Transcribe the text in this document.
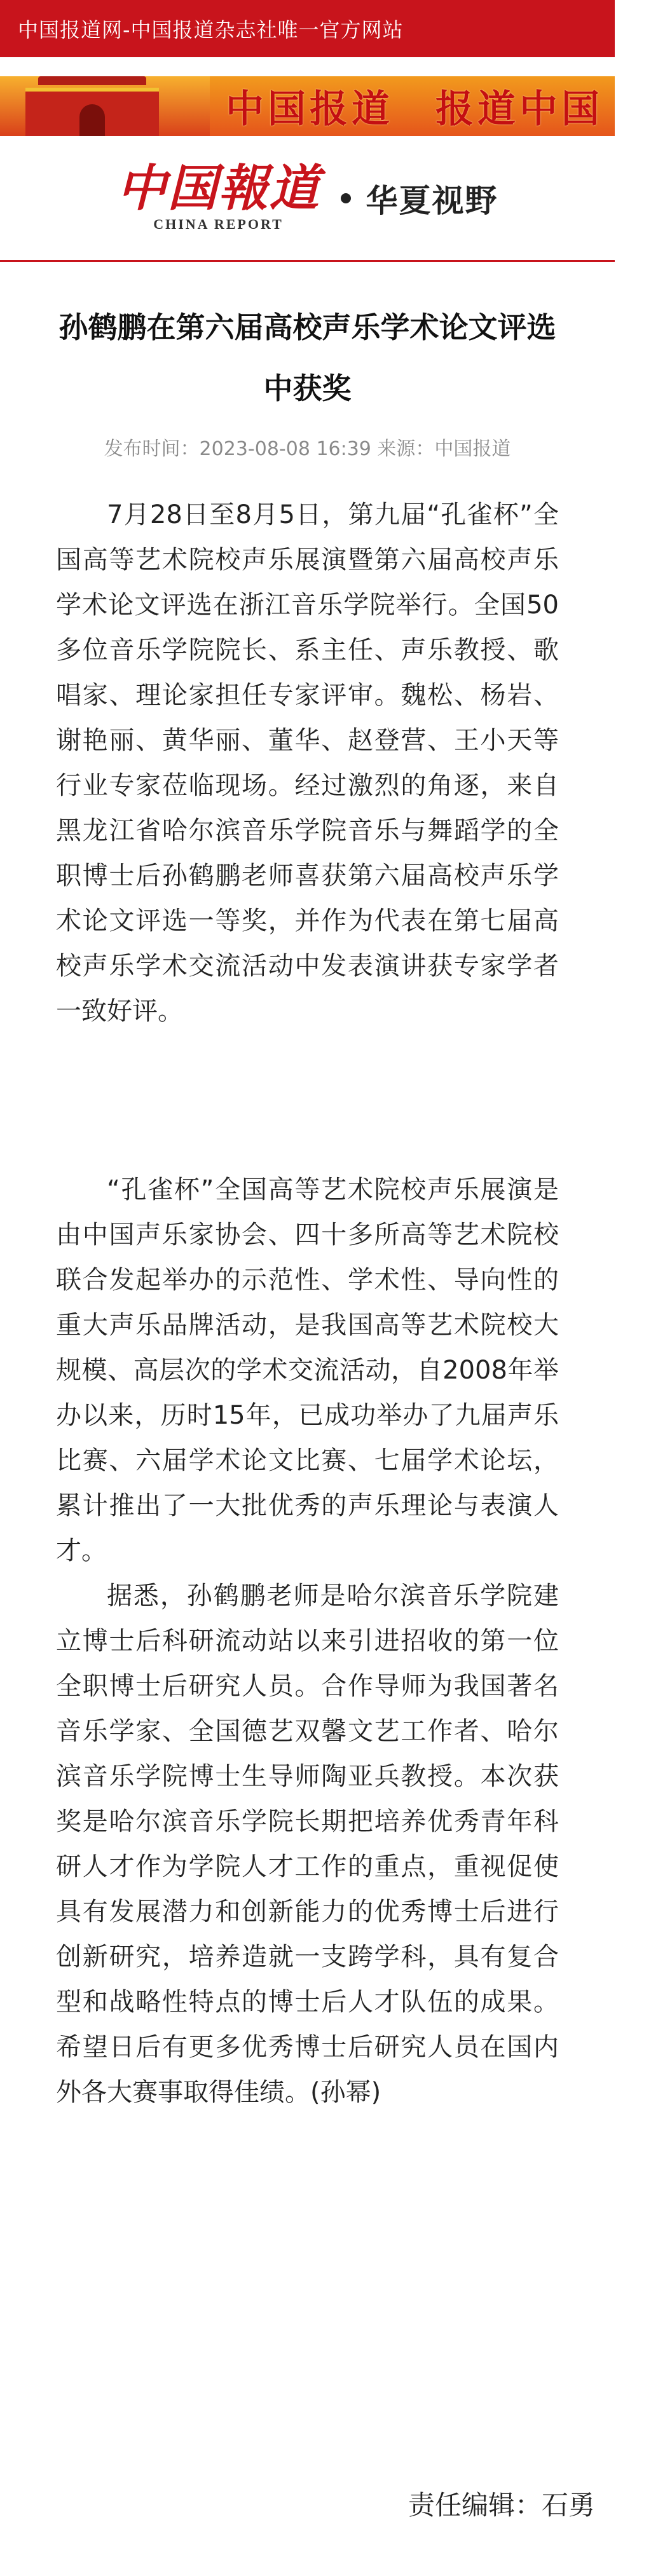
中国报道网-中国报道杂志社唯一官方网站
中国报道　报道中国
中国報道
CHINA REPORT
华夏视野
孙鹤鹏在第六届高校声乐学术论文评选中获奖
发布时间：2023-08-08 16:39 来源：中国报道

7月28日至8月5日，第九届“孔雀杯”全国高等艺术院校声乐展演暨第六届高校声乐学术论文评选在浙江音乐学院举行。全国50多位音乐学院院长、系主任、声乐教授、歌唱家、理论家担任专家评审。魏松、杨岩、谢艳丽、黄华丽、董华、赵登营、王小天等行业专家莅临现场。经过激烈的角逐，来自黑龙江省哈尔滨音乐学院音乐与舞蹈学的全职博士后孙鹤鹏老师喜获第六届高校声乐学术论文评选一等奖，并作为代表在第七届高校声乐学术交流活动中发表演讲获专家学者一致好评。

“孔雀杯”全国高等艺术院校声乐展演是由中国声乐家协会、四十多所高等艺术院校联合发起举办的示范性、学术性、导向性的重大声乐品牌活动，是我国高等艺术院校大规模、高层次的学术交流活动，自2008年举办以来，历时15年，已成功举办了九届声乐比赛、六届学术论文比赛、七届学术论坛，累计推出了一大批优秀的声乐理论与表演人才。

据悉，孙鹤鹏老师是哈尔滨音乐学院建立博士后科研流动站以来引进招收的第一位全职博士后研究人员。合作导师为我国著名音乐学家、全国德艺双馨文艺工作者、哈尔滨音乐学院博士生导师陶亚兵教授。本次获奖是哈尔滨音乐学院长期把培养优秀青年科研人才作为学院人才工作的重点，重视促使具有发展潜力和创新能力的优秀博士后进行创新研究，培养造就一支跨学科，具有复合型和战略性特点的博士后人才队伍的成果。希望日后有更多优秀博士后研究人员在国内外各大赛事取得佳绩。(孙幂)

责任编辑：石勇
